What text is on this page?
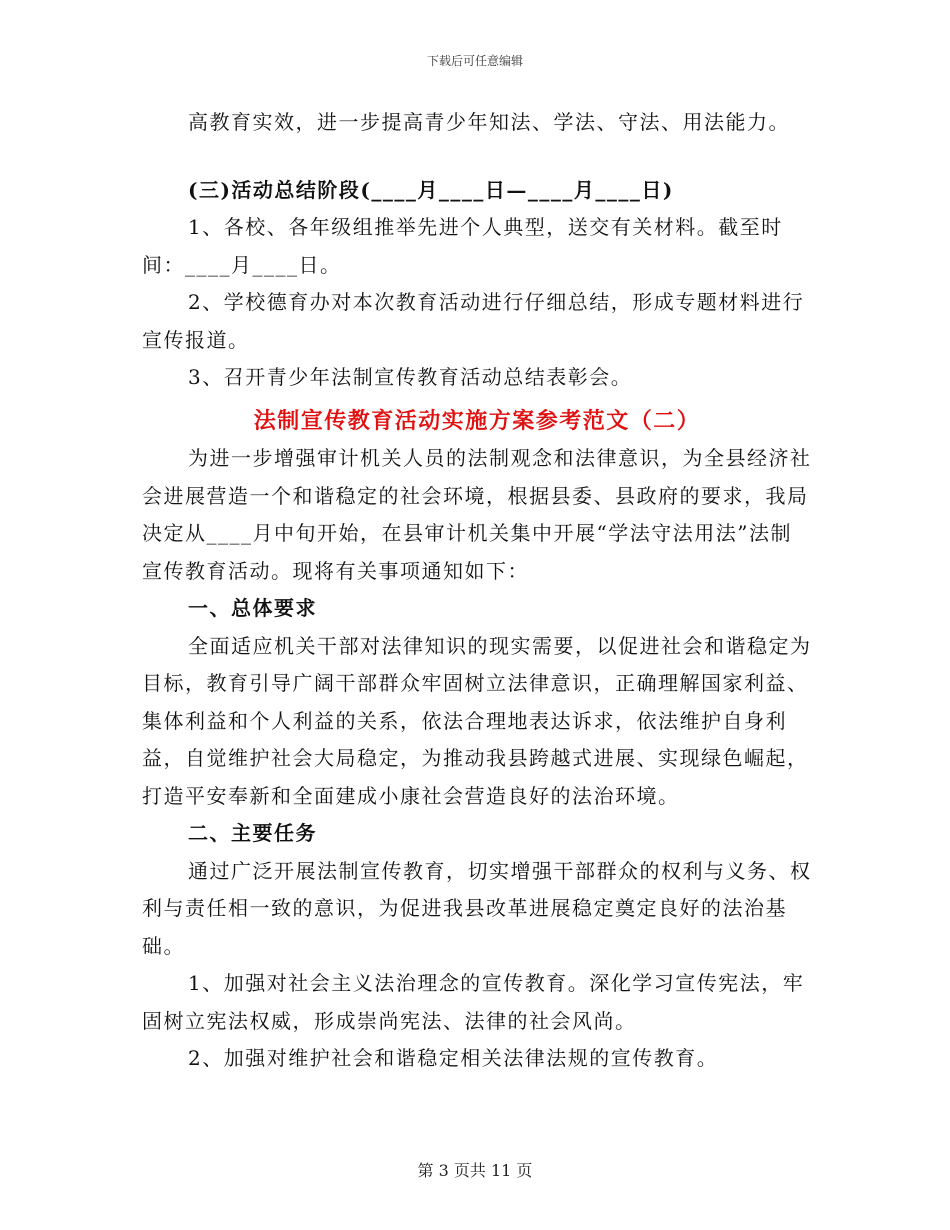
下载后可任意编辑

高教育实效，进一步提高青少年知法、学法、守法、用法能力。

(三)活动总结阶段(____月____日—____月____日)

1、各校、各年级组推举先进个人典型，送交有关材料。截至时间：____月____日。

2、学校德育办对本次教育活动进行仔细总结，形成专题材料进行宣传报道。

3、召开青少年法制宣传教育活动总结表彰会。

法制宣传教育活动实施方案参考范文（二）

为进一步增强审计机关人员的法制观念和法律意识，为全县经济社会进展营造一个和谐稳定的社会环境，根据县委、县政府的要求，我局决定从____月中旬开始，在县审计机关集中开展“学法守法用法”法制宣传教育活动。现将有关事项通知如下：

一、总体要求

全面适应机关干部对法律知识的现实需要，以促进社会和谐稳定为目标，教育引导广阔干部群众牢固树立法律意识，正确理解国家利益、集体利益和个人利益的关系，依法合理地表达诉求，依法维护自身利益，自觉维护社会大局稳定，为推动我县跨越式进展、实现绿色崛起，打造平安奉新和全面建成小康社会营造良好的法治环境。

二、主要任务

通过广泛开展法制宣传教育，切实增强干部群众的权利与义务、权利与责任相一致的意识，为促进我县改革进展稳定奠定良好的法治基础。

1、加强对社会主义法治理念的宣传教育。深化学习宣传宪法，牢固树立宪法权威，形成崇尚宪法、法律的社会风尚。

2、加强对维护社会和谐稳定相关法律法规的宣传教育。

第 3 页共 11 页
